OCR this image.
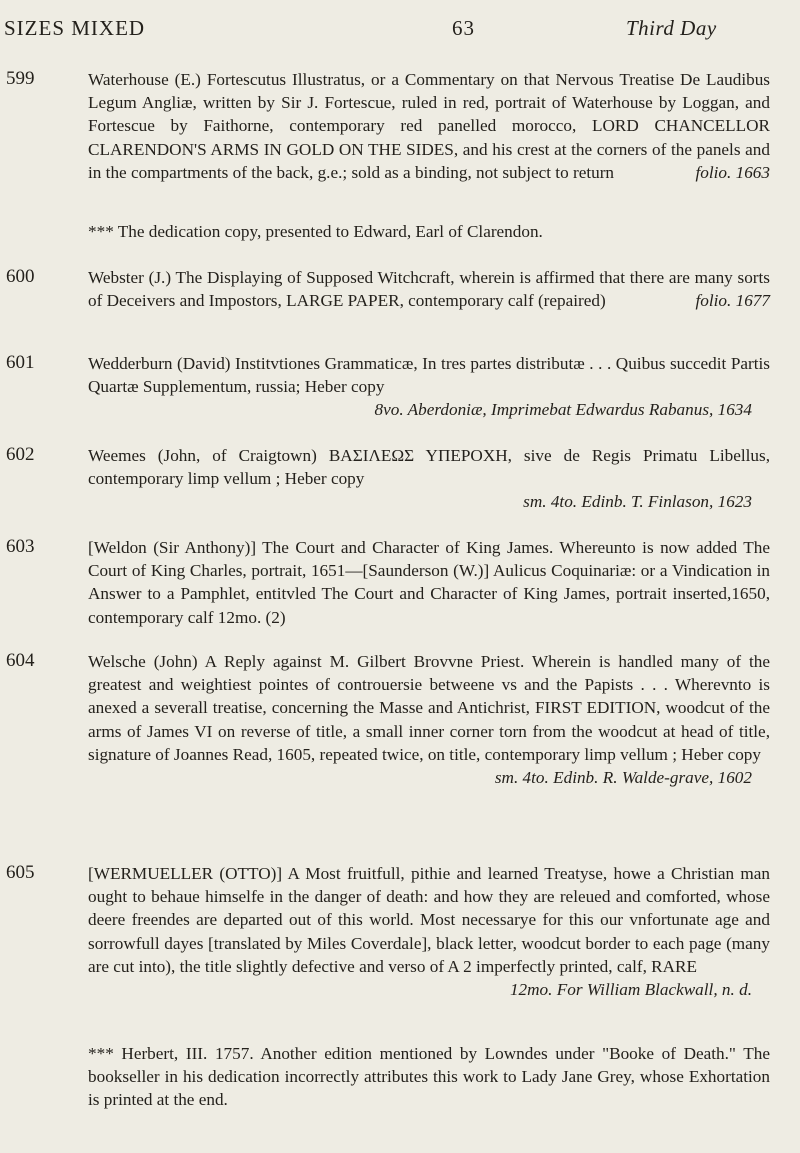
SIZES MIXED	63	Third Day
599	Waterhouse (E.) Fortescutus Illustratus, or a Commentary on that Nervous Treatise De Laudibus Legum Angliæ, written by Sir J. Fortescue, ruled in red, portrait of Waterhouse by Loggan, and Fortescue by Faithorne, contemporary red panelled morocco, LORD CHANCELLOR CLARENDON'S ARMS IN GOLD ON THE SIDES, and his crest at the corners of the panels and in the compartments of the back, g.e.; sold as a binding, not subject to return	folio. 1663
*** The dedication copy, presented to Edward, Earl of Clarendon.
600	Webster (J.) The Displaying of Supposed Witchcraft, wherein is affirmed that there are many sorts of Deceivers and Impostors, LARGE PAPER, contemporary calf (repaired)	folio. 1677
601	Wedderburn (David) Institvtiones Grammaticæ, In tres partes distributæ . . . Quibus succedit Partis Quartæ Supplementum, russia; Heber copy
8vo. Aberdoniæ, Imprimebat Edwardus Rabanus, 1634
602	Weemes (John, of Craigtown) ΒΑΣΙΛΕΩΣ ΥΠΕΡΟΧΗ, sive de Regis Primatu Libellus, contemporary limp vellum ; Heber copy
sm. 4to. Edinb. T. Finlason, 1623
603	[Weldon (Sir Anthony)] The Court and Character of King James. Whereunto is now added The Court of King Charles, portrait, 1651—[Saunderson (W.)] Aulicus Coquinariæ: or a Vindication in Answer to a Pamphlet, entitvled The Court and Character of King James, portrait inserted,1650, contemporary calf 12mo. (2)
604	Welsche (John) A Reply against M. Gilbert Brovvne Priest. Wherein is handled many of the greatest and weightiest pointes of controuersie betweene vs and the Papists . . . Wherevnto is anexed a severall treatise, concerning the Masse and Antichrist, FIRST EDITION, woodcut of the arms of James VI on reverse of title, a small inner corner torn from the woodcut at head of title, signature of Joannes Read, 1605, repeated twice, on title, contemporary limp vellum ; Heber copy
sm. 4to. Edinb. R. Walde-grave, 1602
605	[WERMUELLER (OTTO)] A Most fruitfull, pithie and learned Treatyse, howe a Christian man ought to behaue himselfe in the danger of death: and how they are releued and comforted, whose deere freendes are departed out of this world. Most necessarye for this our vnfortunate age and sorrowfull dayes [translated by Miles Coverdale], black letter, woodcut border to each page (many are cut into), the title slightly defective and verso of A 2 imperfectly printed, calf, RARE
12mo. For William Blackwall, n. d.
*** Herbert, III. 1757. Another edition mentioned by Lowndes under "Booke of Death." The bookseller in his dedication incorrectly attributes this work to Lady Jane Grey, whose Exhortation is printed at the end.
